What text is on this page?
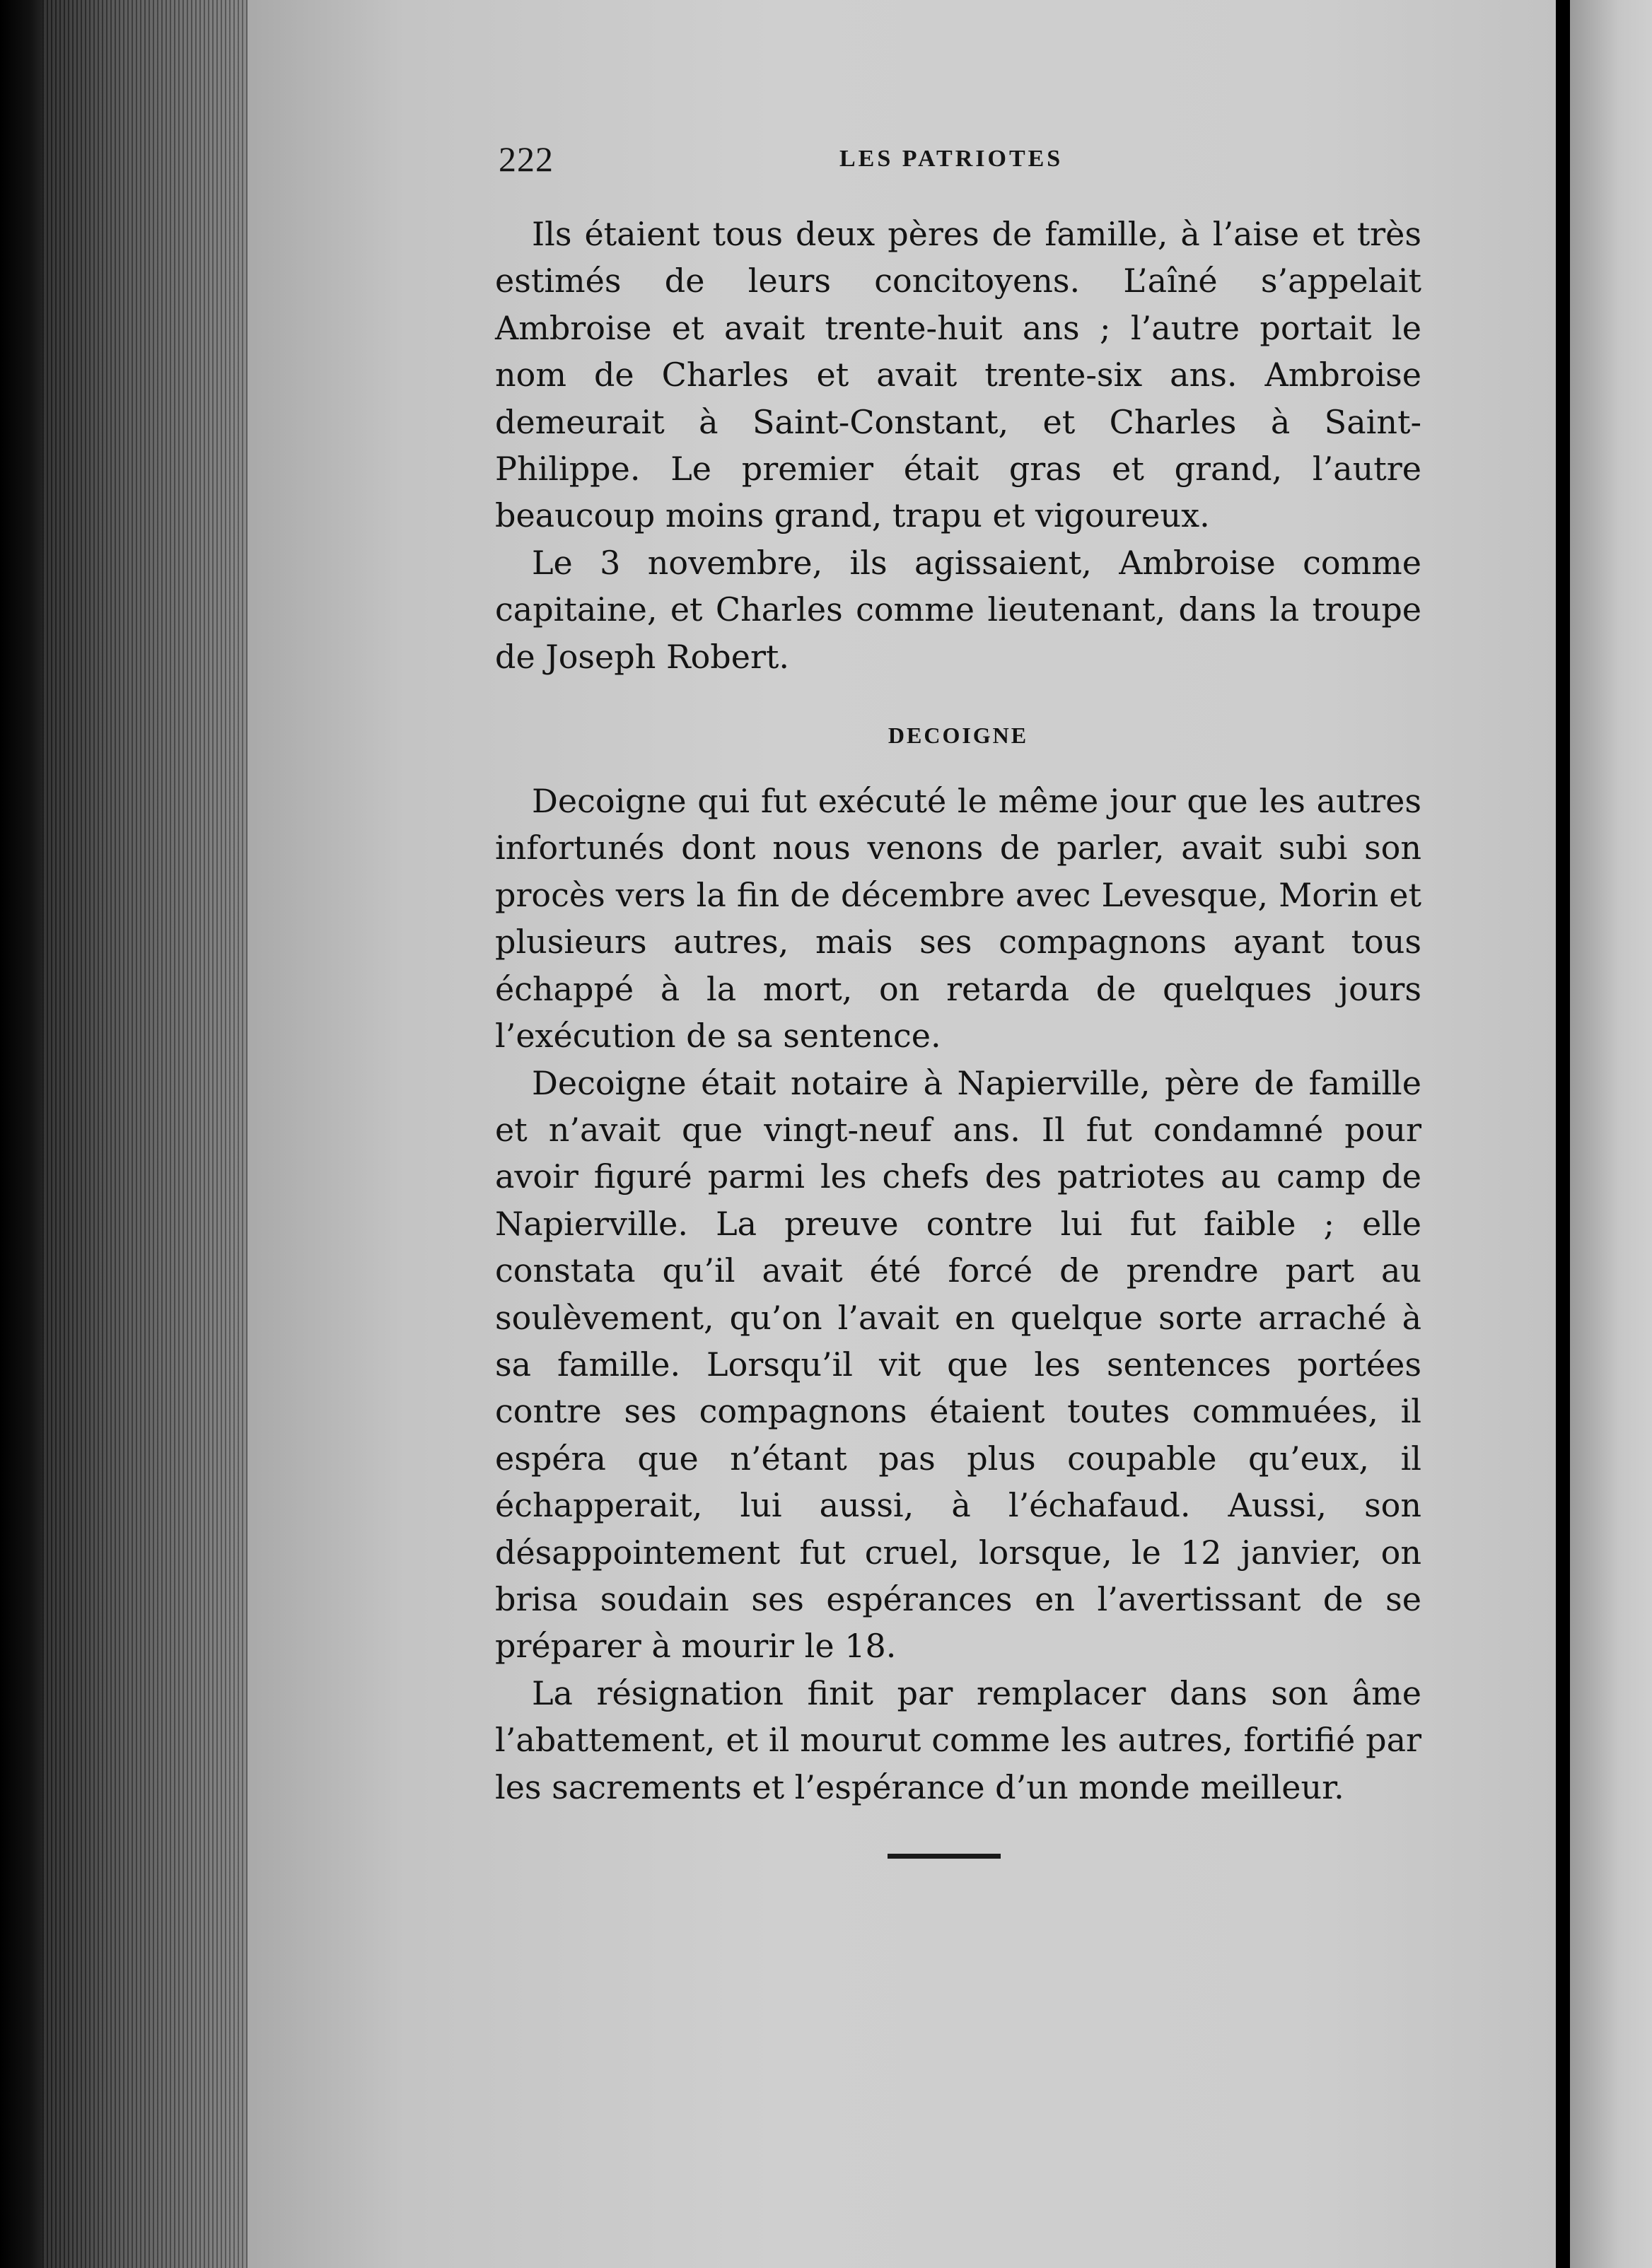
222	LES PATRIOTES

Ils étaient tous deux pères de famille, à l’aise et très estimés de leurs concitoyens. L’aîné s’appelait Ambroise et avait trente-huit ans ; l’autre portait le nom de Charles et avait trente-six ans. Ambroise demeurait à Saint-Constant, et Charles à Saint-Philippe. Le premier était gras et grand, l’autre beaucoup moins grand, trapu et vigoureux.

Le 3 novembre, ils agissaient, Ambroise comme capitaine, et Charles comme lieutenant, dans la troupe de Joseph Robert.

DECOIGNE

Decoigne qui fut exécuté le même jour que les autres infortunés dont nous venons de parler, avait subi son procès vers la fin de décembre avec Levesque, Morin et plusieurs autres, mais ses compagnons ayant tous échappé à la mort, on retarda de quelques jours l’exécution de sa sentence.

Decoigne était notaire à Napierville, père de famille et n’avait que vingt-neuf ans. Il fut condamné pour avoir figuré parmi les chefs des patriotes au camp de Napierville. La preuve contre lui fut faible ; elle constata qu’il avait été forcé de prendre part au soulèvement, qu’on l’avait en quelque sorte arraché à sa famille. Lorsqu’il vit que les sentences portées contre ses compagnons étaient toutes commuées, il espéra que n’étant pas plus coupable qu’eux, il échapperait, lui aussi, à l’échafaud. Aussi, son désappointement fut cruel, lorsque, le 12 janvier, on brisa soudain ses espérances en l’avertissant de se préparer à mourir le 18.

La résignation finit par remplacer dans son âme l’abattement, et il mourut comme les autres, fortifié par les sacrements et l’espérance d’un monde meilleur.
